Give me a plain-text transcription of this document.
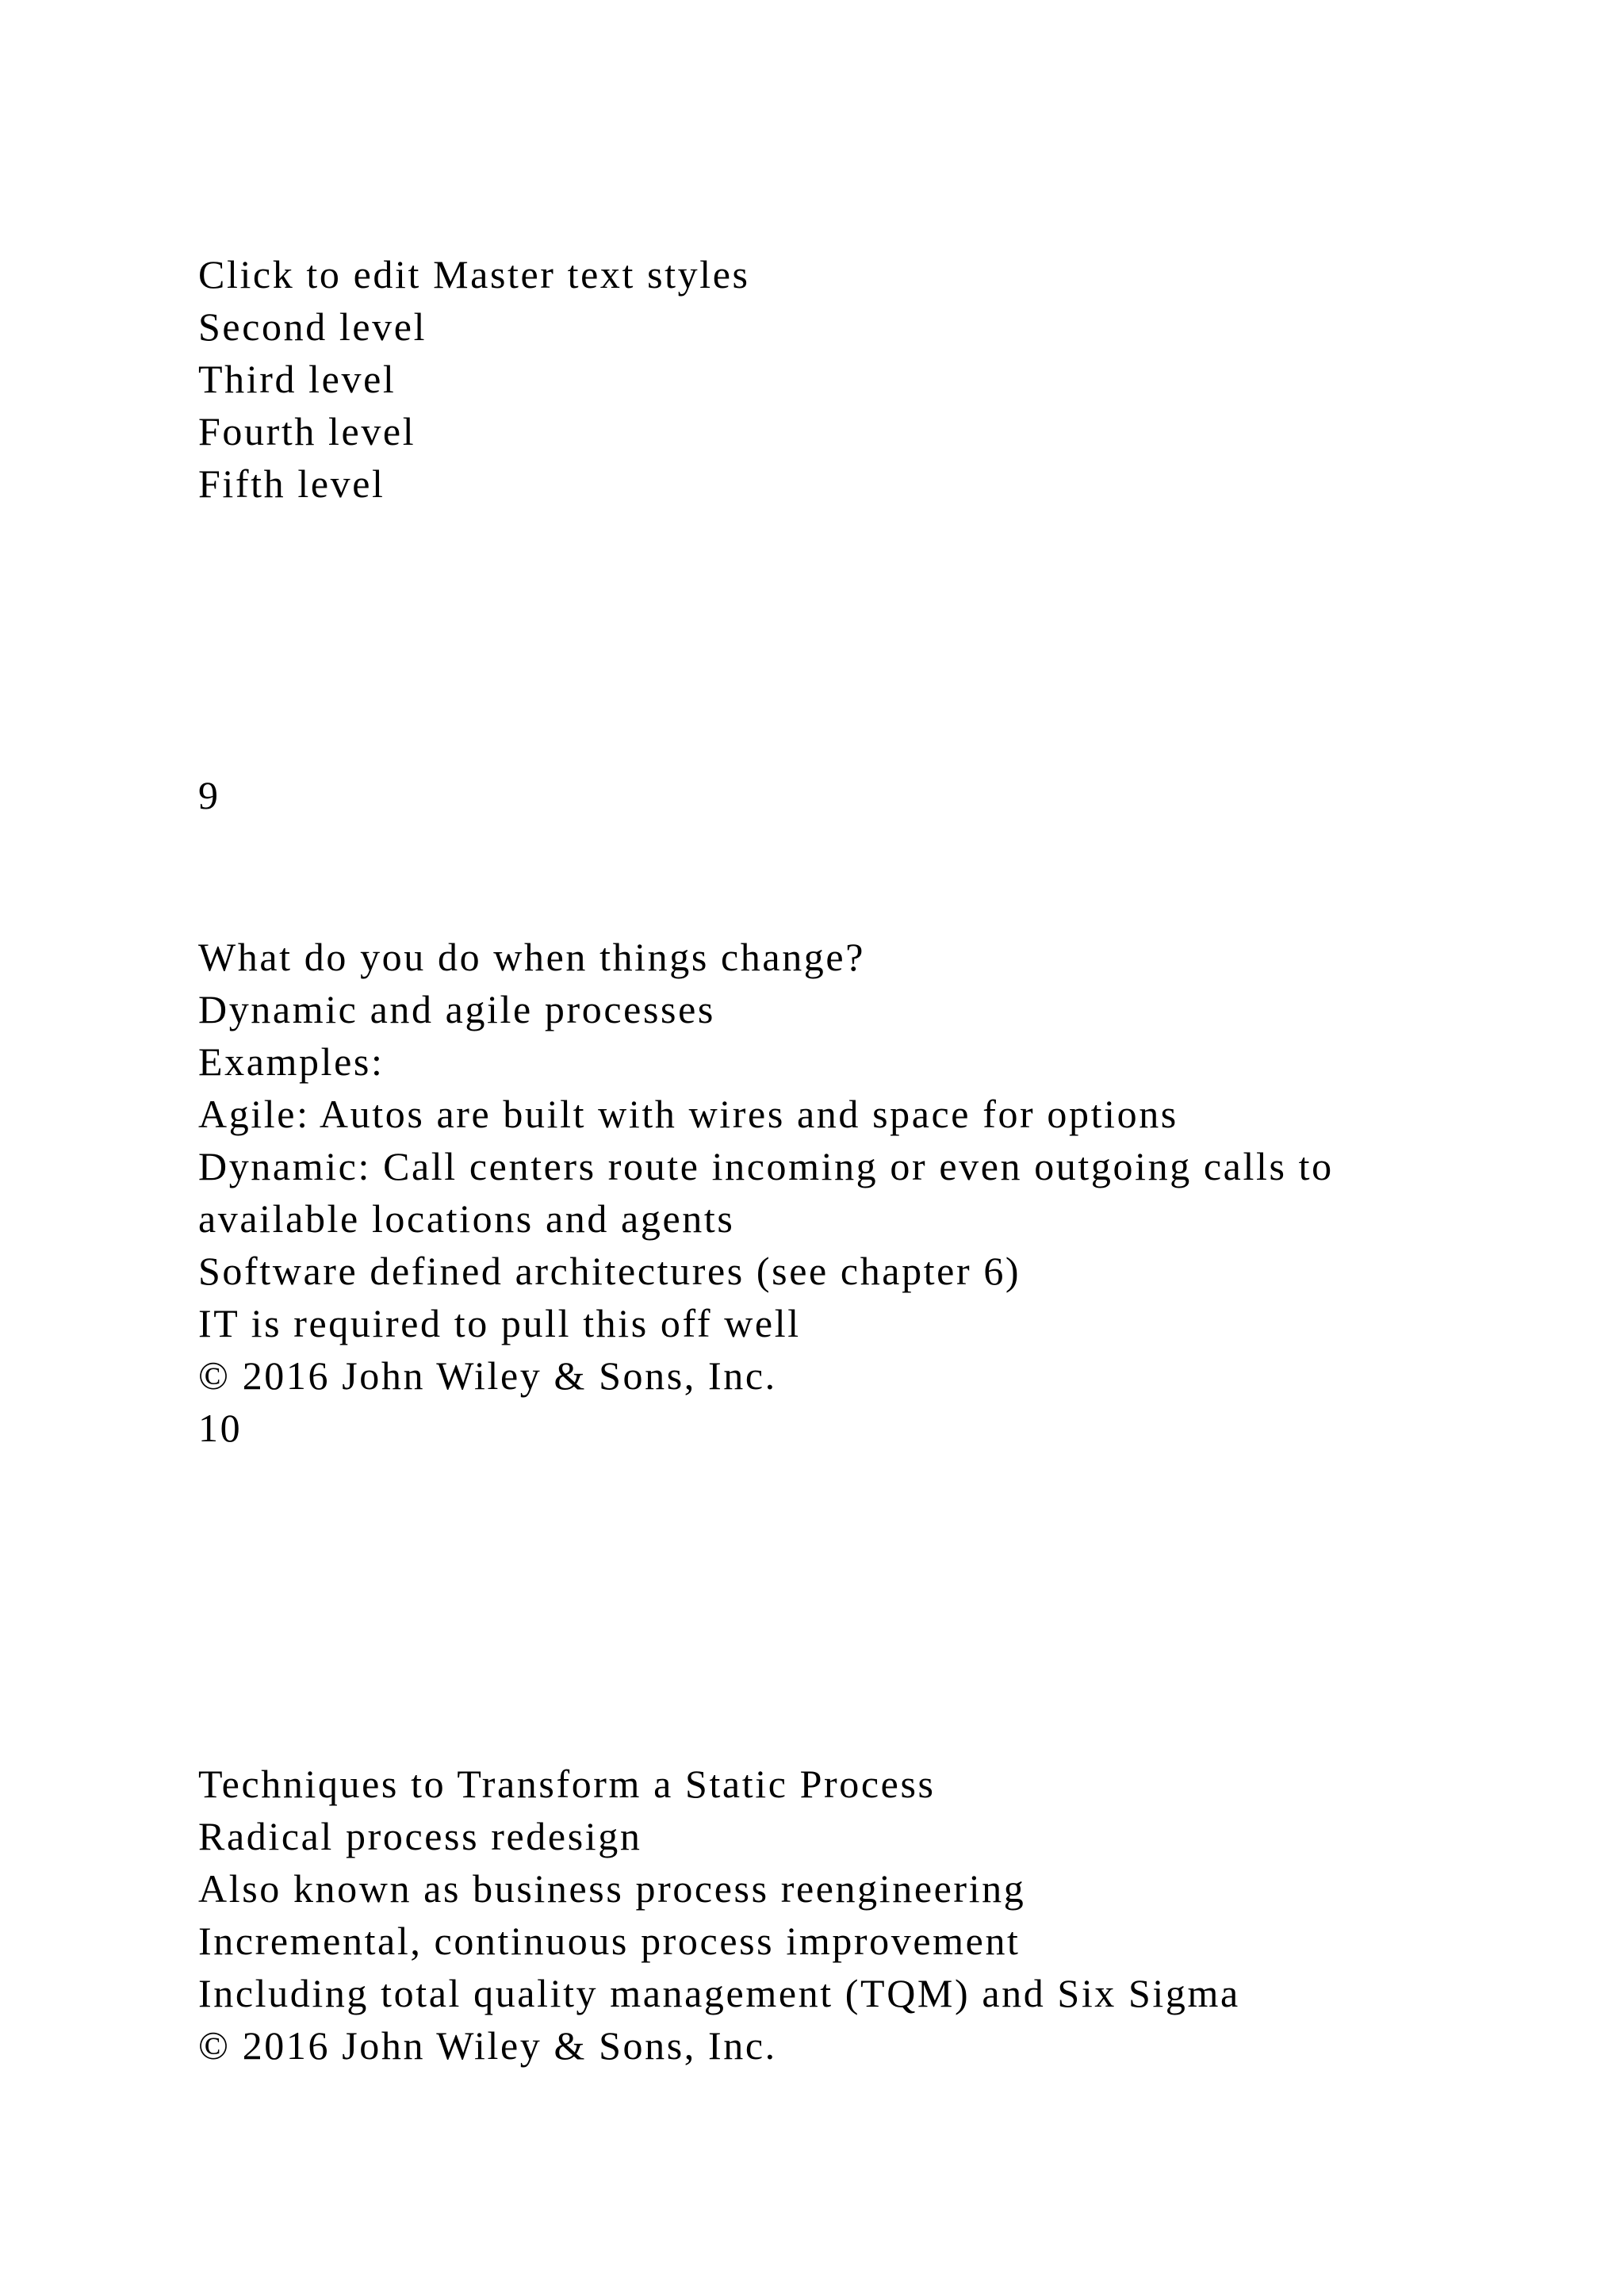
Click to edit Master text styles
Second level
Third level
Fourth level
Fifth level
9
What do you do when things change?
Dynamic and agile processes
Examples:
Agile: Autos are built with wires and space for options
Dynamic: Call centers route incoming or even outgoing calls to
available locations and agents
Software defined architectures (see chapter 6)
IT is required to pull this off well
© 2016 John Wiley & Sons, Inc.
10
Techniques to Transform a Static Process
Radical process redesign
Also known as business process reengineering
Incremental, continuous process improvement
Including total quality management (TQM) and Six Sigma
© 2016 John Wiley & Sons, Inc.
